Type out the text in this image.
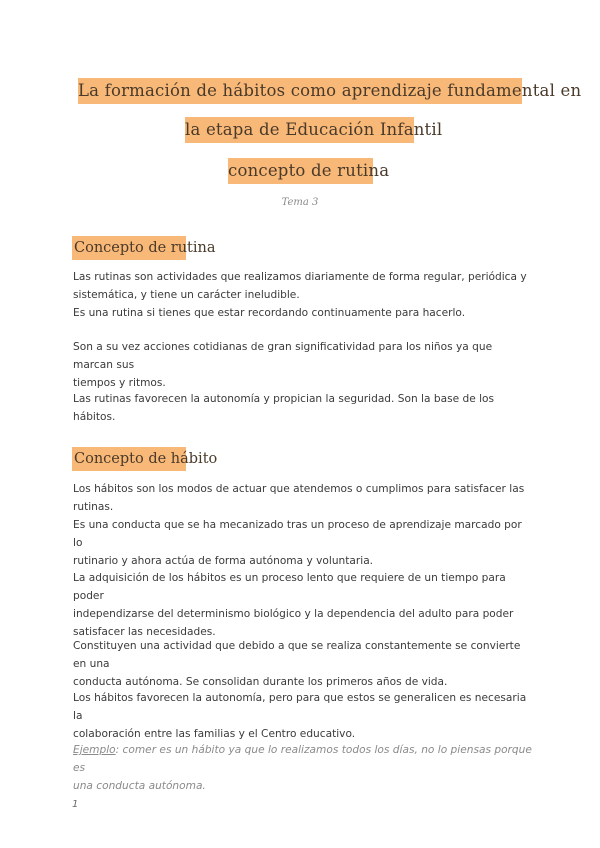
La formación de hábitos como aprendizaje fundamental en
la etapa de Educación Infantil
concepto de rutina
Tema 3
Concepto de rutina
Las rutinas son actividades que realizamos diariamente de forma regular, periódica y
sistemática, y tiene un carácter ineludible.
Es una rutina si tienes que estar recordando continuamente para hacerlo.
Son a su vez acciones cotidianas de gran significatividad para los niños ya que marcan sus
tiempos y ritmos.
Las rutinas favorecen la autonomía y propician la seguridad. Son la base de los hábitos.
Concepto de hábito
Los hábitos son los modos de actuar que atendemos o cumplimos para satisfacer las
rutinas.
Es una conducta que se ha mecanizado tras un proceso de aprendizaje marcado por lo
rutinario y ahora actúa de forma autónoma y voluntaria.
La adquisición de los hábitos es un proceso lento que requiere de un tiempo para poder
independizarse del determinismo biológico y la dependencia del adulto para poder
satisfacer las necesidades.
Constituyen una actividad que debido a que se realiza constantemente se convierte en una
conducta autónoma. Se consolidan durante los primeros años de vida.
Los hábitos favorecen la autonomía, pero para que estos se generalicen es necesaria la
colaboración entre las familias y el Centro educativo.
Ejemplo: comer es un hábito ya que lo realizamos todos los días, no lo piensas porque es
una conducta autónoma.
1
